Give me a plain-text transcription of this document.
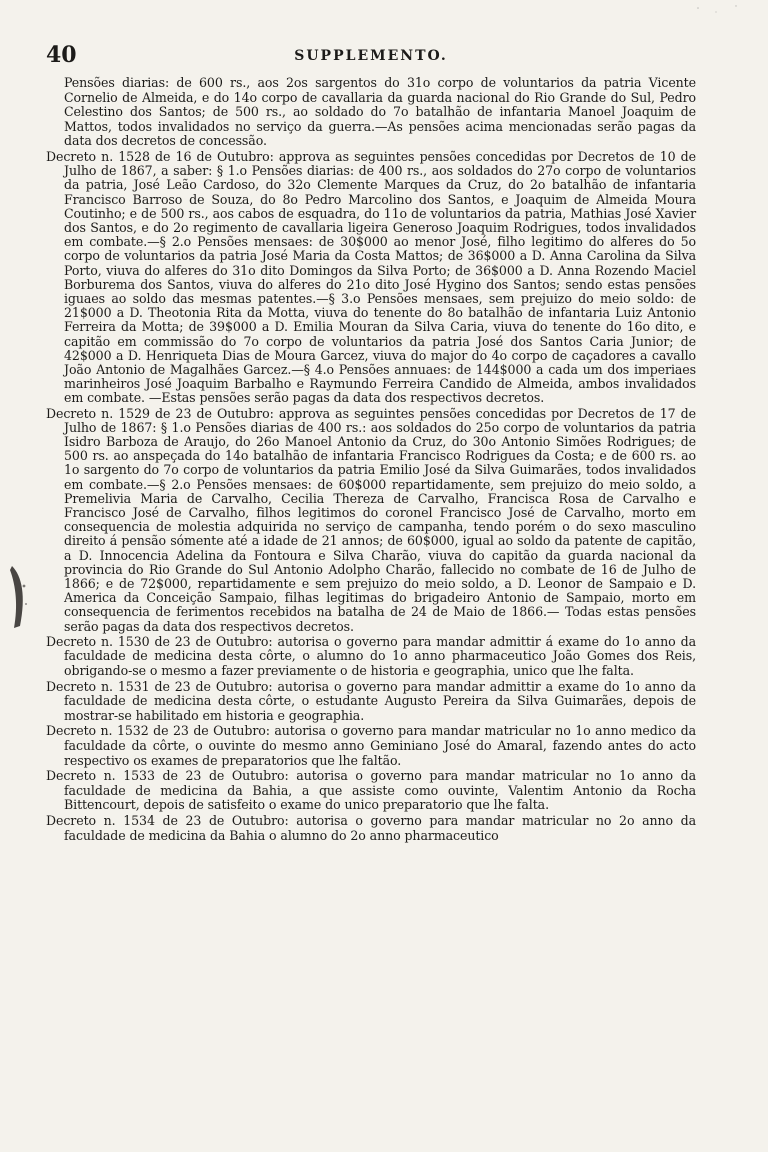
40	SUPPLEMENTO.

Pensões diarias: de 600 rs., aos 2os sargentos do 31o corpo de voluntarios da patria Vicente Cornelio de Almeida, e do 14o corpo de cavallaria da guarda nacional do Rio Grande do Sul, Pedro Celestino dos Santos; de 500 rs., ao soldado do 7o batalhão de infantaria Manoel Joaquim de Mattos, todos invalidados no serviço da guerra.—As pensões acima mencionadas serão pagas da data dos decretos de concessão.

Decreto n. 1528 de 16 de Outubro: approva as seguintes pensões concedidas por Decretos de 10 de Julho de 1867, a saber: § 1.o Pensões diarias: de 400 rs., aos soldados do 27o corpo de voluntarios da patria, José Leão Cardoso, do 32o Clemente Marques da Cruz, do 2o batalhão de infantaria Francisco Barroso de Souza, do 8o Pedro Marcolino dos Santos, e Joaquim de Almeida Moura Coutinho; e de 500 rs., aos cabos de esquadra, do 11o de voluntarios da patria, Mathias José Xavier dos Santos, e do 2o regimento de cavallaria ligeira Generoso Joaquim Rodrigues, todos invalidados em combate.—§ 2.o Pensões mensaes: de 30$000 ao menor José, filho legitimo do alferes do 5o corpo de voluntarios da patria José Maria da Costa Mattos; de 36$000 a D. Anna Carolina da Silva Porto, viuva do alferes do 31o dito Domingos da Silva Porto; de 36$000 a D. Anna Rozendo Maciel Borburema dos Santos, viuva do alferes do 21o dito José Hygino dos Santos; sendo estas pensões iguaes ao soldo das mesmas patentes.—§ 3.o Pensões mensaes, sem prejuizo do meio soldo: de 21$000 a D. Theotonia Rita da Motta, viuva do tenente do 8o batalhão de infantaria Luiz Antonio Ferreira da Motta; de 39$000 a D. Emilia Mouran da Silva Caria, viuva do tenente do 16o dito, e capitão em commissão do 7o corpo de voluntarios da patria José dos Santos Caria Junior; de 42$000 a D. Henriqueta Dias de Moura Garcez, viuva do major do 4o corpo de caçadores a cavallo João Antonio de Magalhães Garcez.—§ 4.o Pensões annuaes: de 144$000 a cada um dos imperiaes marinheiros José Joaquim Barbalho e Raymundo Ferreira Candido de Almeida, ambos invalidados em combate. —Estas pensões serão pagas da data dos respectivos decretos.

Decreto n. 1529 de 23 de Outubro: approva as seguintes pensões concedidas por Decretos de 17 de Julho de 1867: § 1.o Pensões diarias de 400 rs.: aos soldados do 25o corpo de voluntarios da patria Isidro Barboza de Araujo, do 26o Manoel Antonio da Cruz, do 30o Antonio Simões Rodrigues; de 500 rs. ao anspeçada do 14o batalhão de infantaria Francisco Rodrigues da Costa; e de 600 rs. ao 1o sargento do 7o corpo de voluntarios da patria Emilio José da Silva Guimarães, todos invalidados em combate.—§ 2.o Pensões mensaes: de 60$000 repartidamente, sem prejuizo do meio soldo, a Premelivia Maria de Carvalho, Cecilia Thereza de Carvalho, Francisca Rosa de Carvalho e Francisco José de Carvalho, filhos legitimos do coronel Francisco José de Carvalho, morto em consequencia de molestia adquirida no serviço de campanha, tendo porém o do sexo masculino direito á pensão sómente até a idade de 21 annos; de 60$000, igual ao soldo da patente de capitão, a D. Innocencia Adelina da Fontoura e Silva Charão, viuva do capitão da guarda nacional da provincia do Rio Grande do Sul Antonio Adolpho Charão, fallecido no combate de 16 de Julho de 1866; e de 72$000, repartidamente e sem prejuizo do meio soldo, a D. Leonor de Sampaio e D. America da Conceição Sampaio, filhas legitimas do brigadeiro Antonio de Sampaio, morto em consequencia de ferimentos recebidos na batalha de 24 de Maio de 1866.— Todas estas pensões serão pagas da data dos respectivos decretos.

Decreto n. 1530 de 23 de Outubro: autorisa o governo para mandar admittir á exame do 1o anno da faculdade de medicina desta côrte, o alumno do 1o anno pharmaceutico João Gomes dos Reis, obrigando-se o mesmo a fazer previamente o de historia e geographia, unico que lhe falta.

Decreto n. 1531 de 23 de Outubro: autorisa o governo para mandar admittir a exame do 1o anno da faculdade de medicina desta côrte, o estudante Augusto Pereira da Silva Guimarães, depois de mostrar-se habilitado em historia e geographia.

Decreto n. 1532 de 23 de Outubro: autorisa o governo para mandar matricular no 1o anno medico da faculdade da côrte, o ouvinte do mesmo anno Geminiano José do Amaral, fazendo antes do acto respectivo os exames de preparatorios que lhe faltão.

Decreto n. 1533 de 23 de Outubro: autorisa o governo para mandar matricular no 1o anno da faculdade de medicina da Bahia, a que assiste como ouvinte, Valentim Antonio da Rocha Bittencourt, depois de satisfeito o exame do unico preparatorio que lhe falta.

Decreto n. 1534 de 23 de Outubro: autorisa o governo para mandar matricular no 2o anno da faculdade de medicina da Bahia o alumno do 2o anno pharmaceutico
